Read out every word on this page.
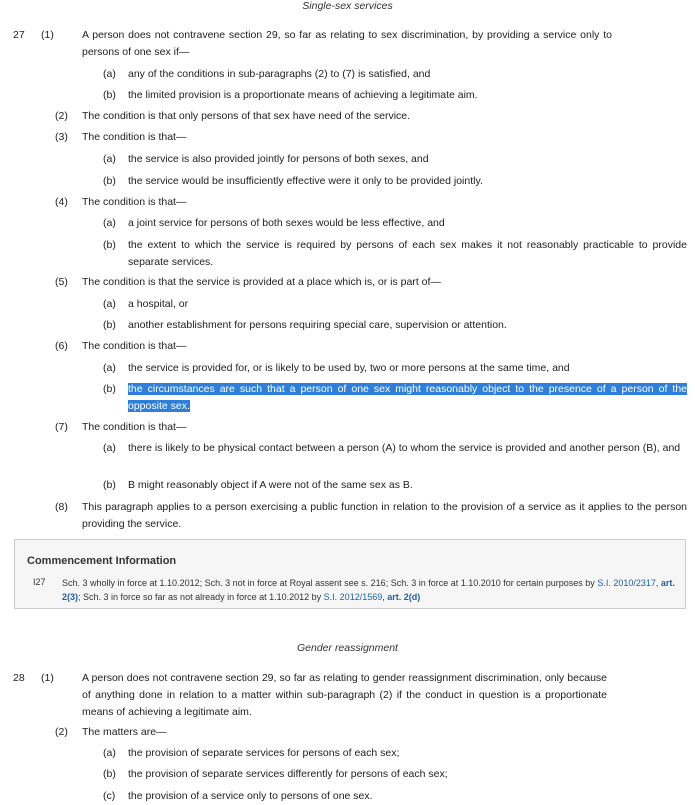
Single-sex services
27 (1)	A person does not contravene section 29, so far as relating to sex discrimination, by providing a service only to persons of one sex if—
(a) any of the conditions in sub-paragraphs (2) to (7) is satisfied, and
(b) the limited provision is a proportionate means of achieving a legitimate aim.
(2) The condition is that only persons of that sex have need of the service.
(3) The condition is that—
(a) the service is also provided jointly for persons of both sexes, and
(b) the service would be insufficiently effective were it only to be provided jointly.
(4) The condition is that—
(a) a joint service for persons of both sexes would be less effective, and
(b) the extent to which the service is required by persons of each sex makes it not reasonably practicable to provide separate services.
(5) The condition is that the service is provided at a place which is, or is part of—
(a) a hospital, or
(b) another establishment for persons requiring special care, supervision or attention.
(6) The condition is that—
(a) the service is provided for, or is likely to be used by, two or more persons at the same time, and
(b) the circumstances are such that a person of one sex might reasonably object to the presence of a person of the opposite sex.
(7) The condition is that—
(a) there is likely to be physical contact between a person (A) to whom the service is provided and another person (B), and
(b) B might reasonably object if A were not of the same sex as B.
(8) This paragraph applies to a person exercising a public function in relation to the provision of a service as it applies to the person providing the service.
Commencement Information
I27 Sch. 3 wholly in force at 1.10.2012; Sch. 3 not in force at Royal assent see s. 216; Sch. 3 in force at 1.10.2010 for certain purposes by S.I. 2010/2317, art. 2(3); Sch. 3 in force so far as not already in force at 1.10.2012 by S.I. 2012/1569, art. 2(d)
Gender reassignment
28 (1)	A person does not contravene section 29, so far as relating to gender reassignment discrimination, only because of anything done in relation to a matter within sub-paragraph (2) if the conduct in question is a proportionate means of achieving a legitimate aim.
(2) The matters are—
(a) the provision of separate services for persons of each sex;
(b) the provision of separate services differently for persons of each sex;
(c) the provision of a service only to persons of one sex.
